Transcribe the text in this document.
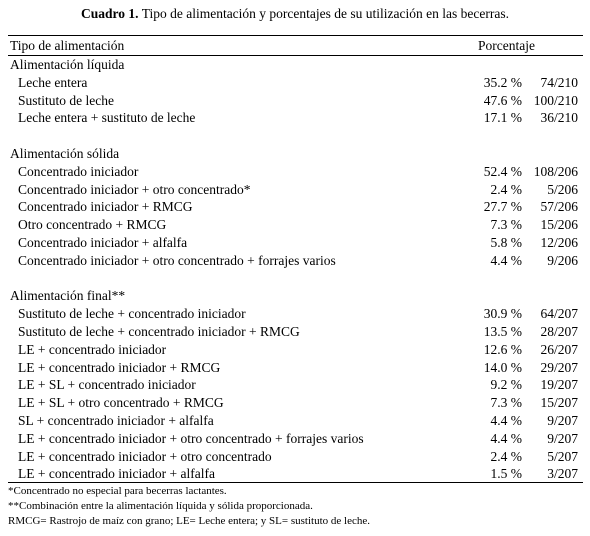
Cuadro 1. Tipo de alimentación y porcentajes de su utilización en las becerras.
Tipo de alimentación	Porcentaje
Alimentación líquida
Leche entera	35.2 % 74/210
Sustituto de leche	47.6 % 100/210
Leche entera + sustituto de leche	17.1 % 36/210
Alimentación sólida
Concentrado iniciador	52.4 % 108/206
Concentrado iniciador + otro concentrado*	2.4 % 5/206
Concentrado iniciador + RMCG	27.7 % 57/206
Otro concentrado + RMCG	7.3 % 15/206
Concentrado iniciador + alfalfa	5.8 % 12/206
Concentrado iniciador + otro concentrado + forrajes varios	4.4 % 9/206
Alimentación final**
Sustituto de leche + concentrado iniciador	30.9 % 64/207
Sustituto de leche + concentrado iniciador + RMCG	13.5 % 28/207
LE + concentrado iniciador	12.6 % 26/207
LE + concentrado iniciador + RMCG	14.0 % 29/207
LE + SL + concentrado iniciador	9.2 % 19/207
LE + SL + otro concentrado + RMCG	7.3 % 15/207
SL + concentrado iniciador + alfalfa	4.4 % 9/207
LE + concentrado iniciador + otro concentrado + forrajes varios	4.4 % 9/207
LE + concentrado iniciador + otro concentrado	2.4 % 5/207
LE + concentrado iniciador + alfalfa	1.5 % 3/207
*Concentrado no especial para becerras lactantes.
**Combinación entre la alimentación líquida y sólida proporcionada.
RMCG= Rastrojo de maíz con grano; LE= Leche entera; y SL= sustituto de leche.
